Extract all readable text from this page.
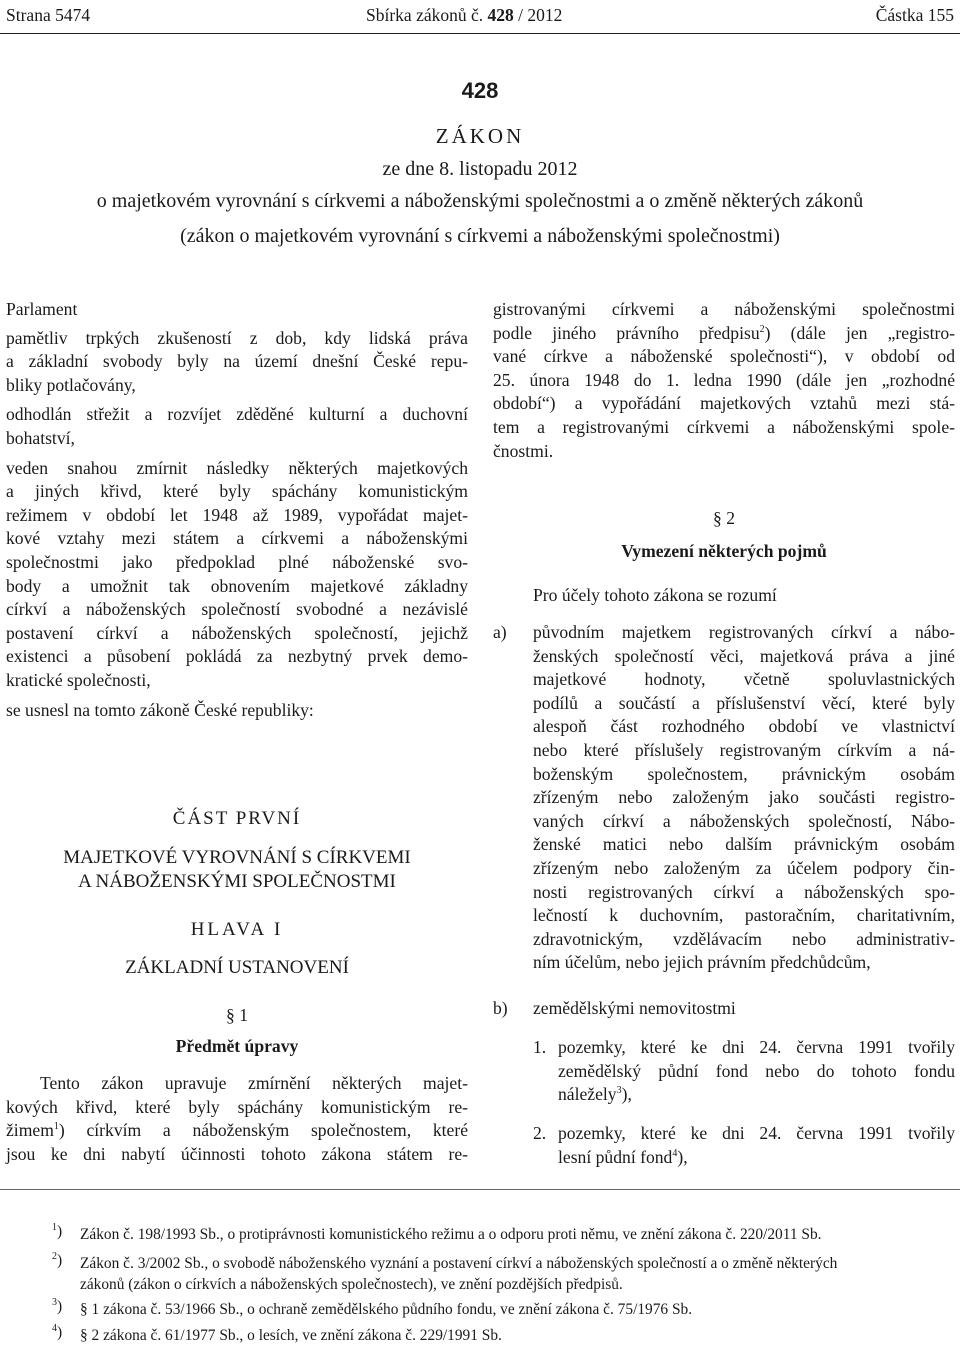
Strana 5474	Sbírka zákonů č. 428 / 2012	Částka 155
428
ZÁKON
ze dne 8. listopadu 2012
o majetkovém vyrovnání s církvemi a náboženskými společnostmi a o změně některých zákonů
(zákon o majetkovém vyrovnání s církvemi a náboženskými společnostmi)
Parlament
pamětliv trpkých zkušeností z dob, kdy lidská práva
a základní svobody byly na území dnešní České repu-
bliky potlačovány,
odhodlán střežit a rozvíjet zděděné kulturní a duchovní
bohatství,
veden snahou zmírnit následky některých majetkových
a jiných křivd, které byly spáchány komunistickým
režimem v období let 1948 až 1989, vypořádat majet-
kové vztahy mezi státem a církvemi a náboženskými
společnostmi jako předpoklad plné náboženské svo-
body a umožnit tak obnovením majetkové základny
církví a náboženských společností svobodné a nezávislé
postavení církví a náboženských společností, jejichž
existenci a působení pokládá za nezbytný prvek demo-
kratické společnosti,
se usnesl na tomto zákoně České republiky:
ČÁST PRVNÍ
MAJETKOVÉ VYROVNÁNÍ S CÍRKVEMI
A NÁBOŽENSKÝMI SPOLEČNOSTMI
HLAVA I
ZÁKLADNÍ USTANOVENÍ
§ 1
Předmět úpravy
Tento zákon upravuje zmírnění některých majet-
kových křivd, které byly spáchány komunistickým re-
žimem$^1$) církvím a náboženským společnostem, které
jsou ke dni nabytí účinnosti tohoto zákona státem re-
gistrovanými církvemi a náboženskými společnostmi
podle jiného právního předpisu$^2$) (dále jen „registro-
vané církve a náboženské společnosti“), v období od
25. února 1948 do 1. ledna 1990 (dále jen „rozhodné
období“) a vypořádání majetkových vztahů mezi stá-
tem a registrovanými církvemi a náboženskými spole-
čnostmi.
§ 2
Vymezení některých pojmů
Pro účely tohoto zákona se rozumí
a) původním majetkem registrovaných církví a nábo-
ženských společností věci, majetková práva a jiné
majetkové hodnoty, včetně spoluvlastnických
podílů a součástí a příslušenství věcí, které byly
alespoň část rozhodného období ve vlastnictví
nebo které příslušely registrovaným církvím a ná-
boženským společnostem, právnickým osobám
zřízeným nebo založeným jako součásti registro-
vaných církví a náboženských společností, Nábo-
ženské matici nebo dalším právnickým osobám
zřízeným nebo založeným za účelem podpory čin-
nosti registrovaných církví a náboženských spo-
lečností k duchovním, pastoračním, charitativním,
zdravotnickým, vzdělávacím nebo administrativ-
ním účelům, nebo jejich právním předchůdcům,
b) zemědělskými nemovitostmi
1. pozemky, které ke dni 24. června 1991 tvořily
zemědělský půdní fond nebo do tohoto fondu
náležely$^3$),
2. pozemky, které ke dni 24. června 1991 tvořily
lesní půdní fond$^4$),
$^1$) Zákon č. 198/1993 Sb., o protiprávnosti komunistického režimu a o odporu proti němu, ve znění zákona č. 220/2011 Sb.
$^2$) Zákon č. 3/2002 Sb., o svobodě náboženského vyznání a postavení církví a náboženských společností a o změně některých
zákonů (zákon o církvích a náboženských společnostech), ve znění pozdějších předpisů.
$^3$) § 1 zákona č. 53/1966 Sb., o ochraně zemědělského půdního fondu, ve znění zákona č. 75/1976 Sb.
$^4$) § 2 zákona č. 61/1977 Sb., o lesích, ve znění zákona č. 229/1991 Sb.
